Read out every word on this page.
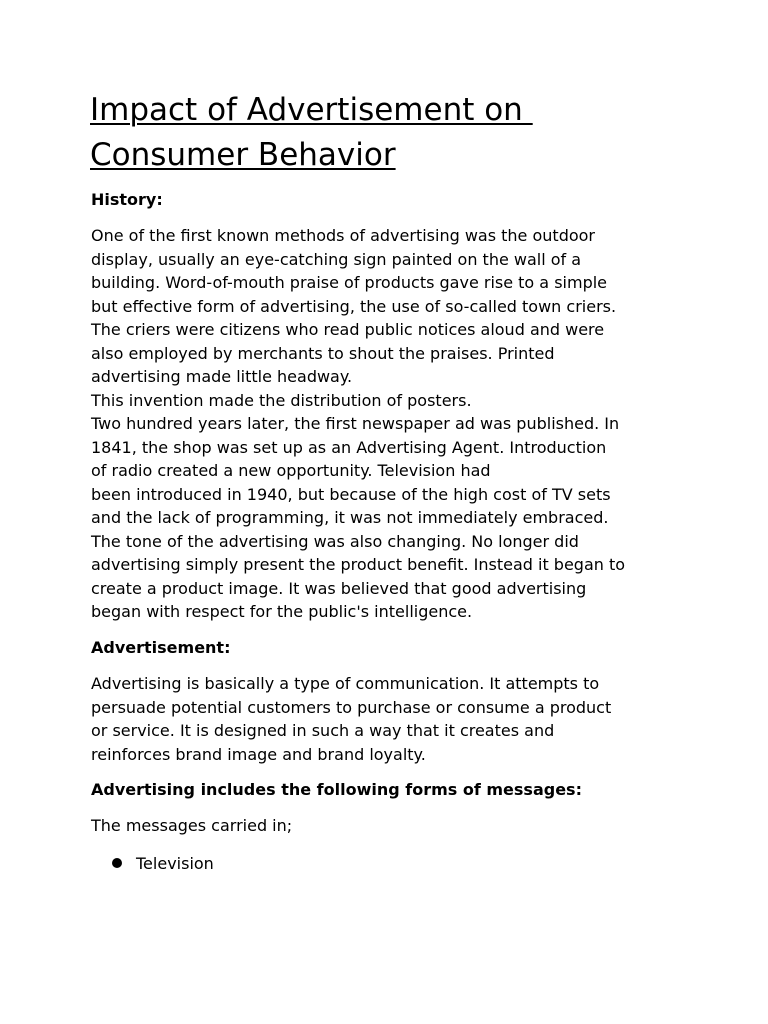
Impact of Advertisement on
Consumer Behavior
History:

One of the first known methods of advertising was the outdoor
display, usually an eye-catching sign painted on the wall of a
building. Word-of-mouth praise of products gave rise to a simple
but effective form of advertising, the use of so-called town criers.
The criers were citizens who read public notices aloud and were
also employed by merchants to shout the praises. Printed
advertising made little headway.
This invention made the distribution of posters.
Two hundred years later, the first newspaper ad was published. In
1841, the shop was set up as an Advertising Agent. Introduction
of radio created a new opportunity. Television had
been introduced in 1940, but because of the high cost of TV sets
and the lack of programming, it was not immediately embraced.
The tone of the advertising was also changing. No longer did
advertising simply present the product benefit. Instead it began to
create a product image. It was believed that good advertising
began with respect for the public's intelligence.

Advertisement:

Advertising is basically a type of communication. It attempts to
persuade potential customers to purchase or consume a product
or service. It is designed in such a way that it creates and
reinforces brand image and brand loyalty.

Advertising includes the following forms of messages:

The messages carried in;

Television
